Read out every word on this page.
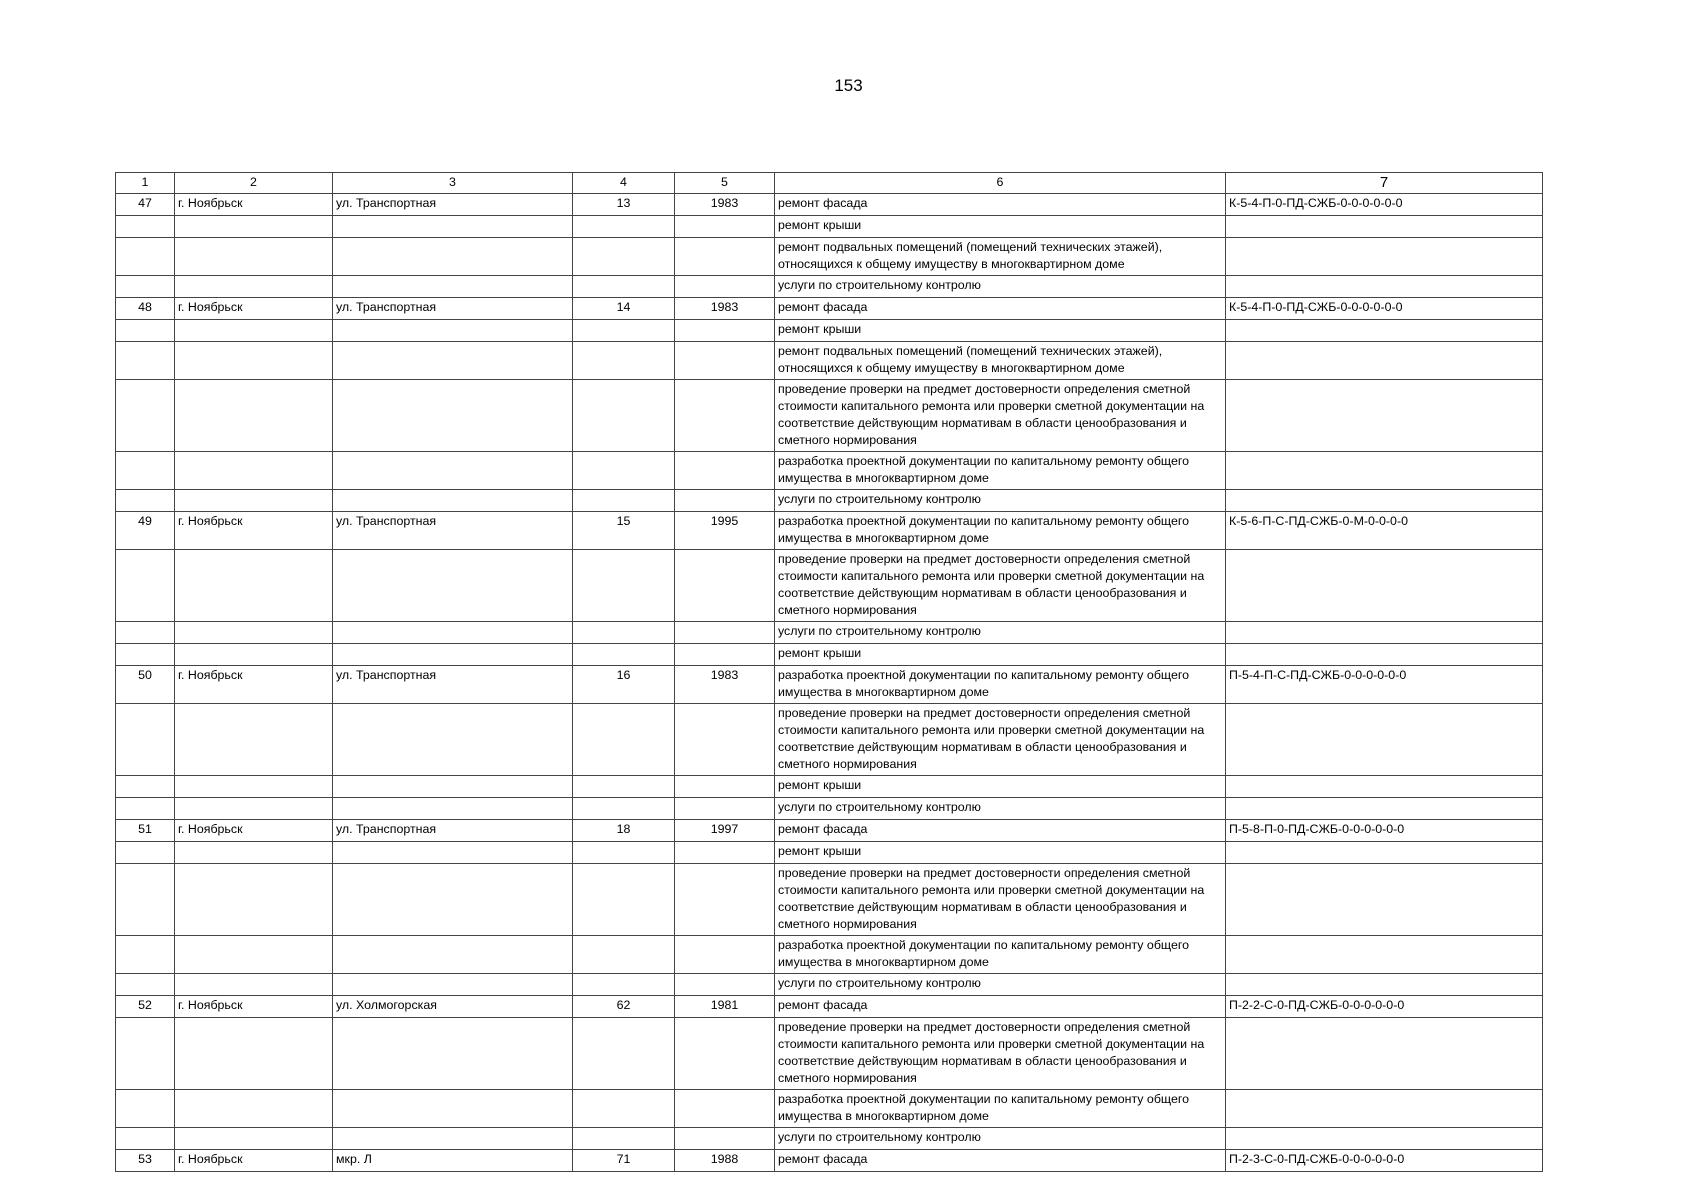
153
1	2	3	4	5	6	7
47	г. Ноябрьск	ул. Транспортная	13	1983	ремонт фасада	К-5-4-П-0-ПД-СЖБ-0-0-0-0-0-0
					ремонт крыши	
					ремонт подвальных помещений (помещений технических этажей), относящихся к общему имуществу в многоквартирном доме	
					услуги по строительному контролю	
48	г. Ноябрьск	ул. Транспортная	14	1983	ремонт фасада	К-5-4-П-0-ПД-СЖБ-0-0-0-0-0-0
					ремонт крыши	
					ремонт подвальных помещений (помещений технических этажей), относящихся к общему имуществу в многоквартирном доме	
					проведение проверки на предмет достоверности определения сметной стоимости капитального ремонта или проверки сметной документации на соответствие действующим нормативам в области ценообразования и сметного нормирования	
					разработка проектной документации по капитальному ремонту общего имущества в многоквартирном доме	
					услуги по строительному контролю	
49	г. Ноябрьск	ул. Транспортная	15	1995	разработка проектной документации по капитальному ремонту общего имущества в многоквартирном доме	К-5-6-П-С-ПД-СЖБ-0-М-0-0-0-0
					проведение проверки на предмет достоверности определения сметной стоимости капитального ремонта или проверки сметной документации на соответствие действующим нормативам в области ценообразования и сметного нормирования	
					услуги по строительному контролю	
					ремонт крыши	
50	г. Ноябрьск	ул. Транспортная	16	1983	разработка проектной документации по капитальному ремонту общего имущества в многоквартирном доме	П-5-4-П-С-ПД-СЖБ-0-0-0-0-0-0
					проведение проверки на предмет достоверности определения сметной стоимости капитального ремонта или проверки сметной документации на соответствие действующим нормативам в области ценообразования и сметного нормирования	
					ремонт крыши	
					услуги по строительному контролю	
51	г. Ноябрьск	ул. Транспортная	18	1997	ремонт фасада	П-5-8-П-0-ПД-СЖБ-0-0-0-0-0-0
					ремонт крыши	
					проведение проверки на предмет достоверности определения сметной стоимости капитального ремонта или проверки сметной документации на соответствие действующим нормативам в области ценообразования и сметного нормирования	
					разработка проектной документации по капитальному ремонту общего имущества в многоквартирном доме	
					услуги по строительному контролю	
52	г. Ноябрьск	ул. Холмогорская	62	1981	ремонт фасада	П-2-2-С-0-ПД-СЖБ-0-0-0-0-0-0
					проведение проверки на предмет достоверности определения сметной стоимости капитального ремонта или проверки сметной документации на соответствие действующим нормативам в области ценообразования и сметного нормирования	
					разработка проектной документации по капитальному ремонту общего имущества в многоквартирном доме	
					услуги по строительному контролю	
53	г. Ноябрьск	мкр. Л	71	1988	ремонт фасада	П-2-3-С-0-ПД-СЖБ-0-0-0-0-0-0
